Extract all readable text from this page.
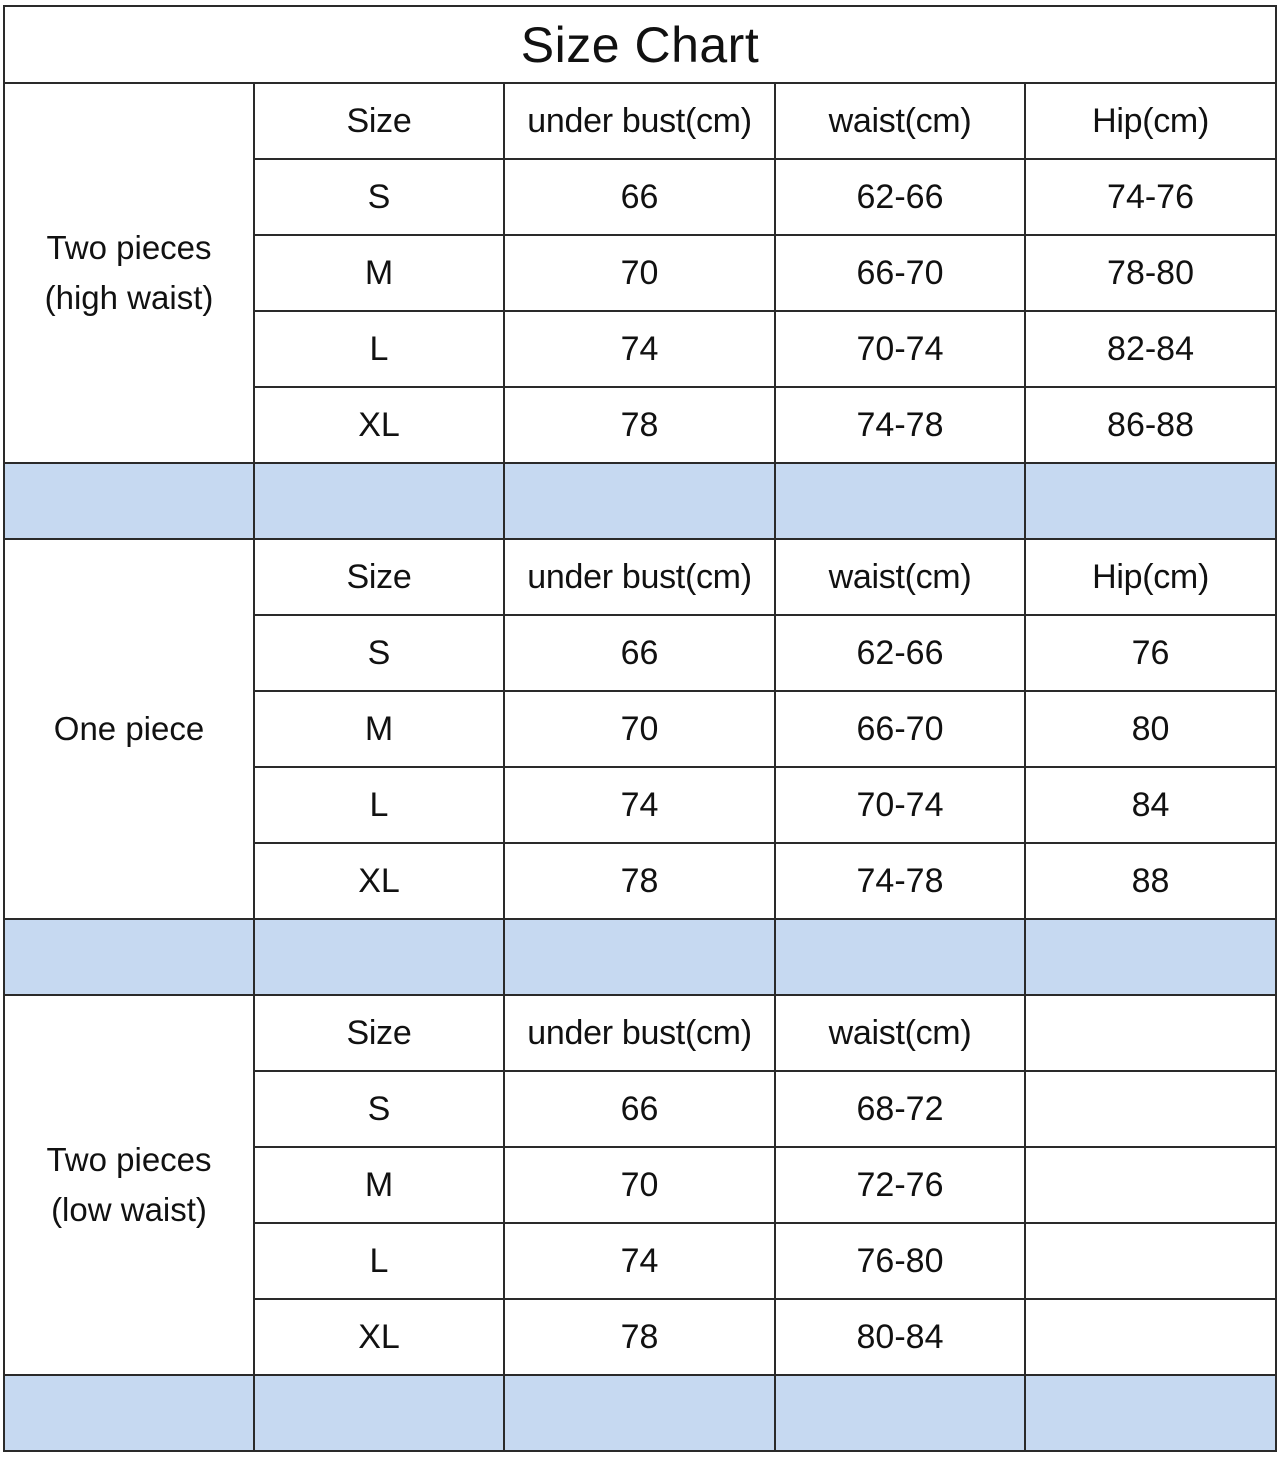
Size Chart				

Two pieces
(high waist)	Size	under bust(cm)	waist(cm)	Hip(cm)
	S	66	62-66	74-76
	M	70	66-70	78-80
	L	74	70-74	82-84
	XL	78	74-78	86-88

One piece	Size	under bust(cm)	waist(cm)	Hip(cm)
	S	66	62-66	76
	M	70	66-70	80
	L	74	70-74	84
	XL	78	74-78	88

Two pieces
(low waist)	Size	under bust(cm)	waist(cm)	
	S	66	68-72	
	M	70	72-76	
	L	74	76-80	
	XL	78	80-84	
